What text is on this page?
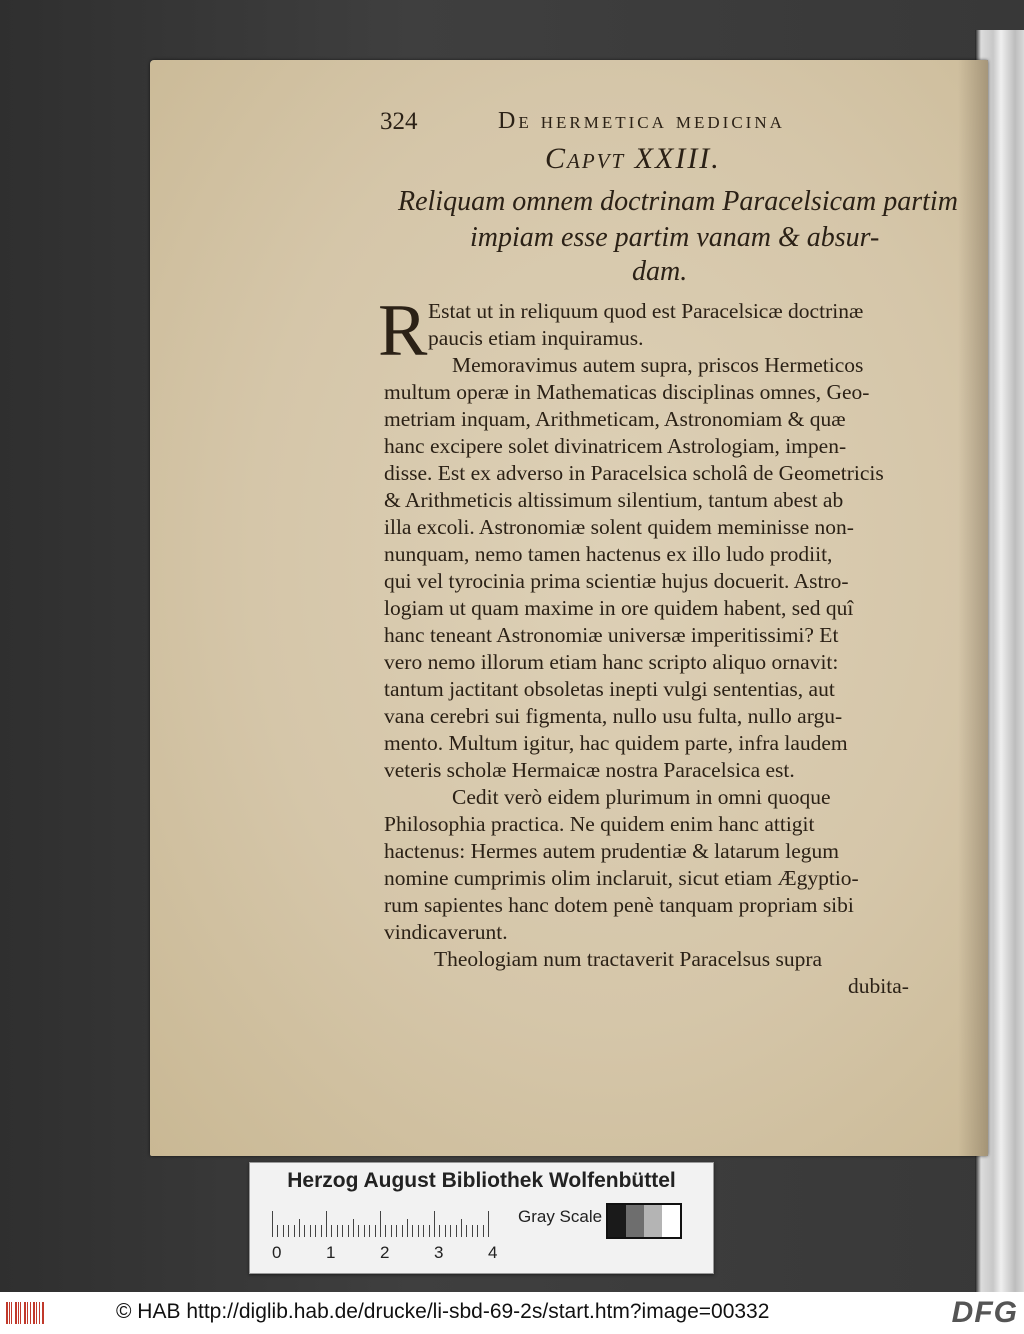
324	De hermetica medicina
Capvt XXIII.
Reliquam omnem doctrinam Paracelsicam partim
impiam esse partim vanam & absur-
dam.
R Estat ut in reliquum quod est Paracelsicæ doctrinæ
paucis etiam inquiramus.
Memoravimus autem supra, priscos Hermeticos
multum operæ in Mathematicas disciplinas omnes, Geo-
metriam inquam, Arithmeticam, Astronomiam & quæ
hanc excipere solet divinatricem Astrologiam, impen-
disse. Est ex adverso in Paracelsica scholâ de Geometricis
& Arithmeticis altissimum silentium, tantum abest ab
illa excoli. Astronomiæ solent quidem meminisse non-
nunquam, nemo tamen hactenus ex illo ludo prodiit,
qui vel tyrocinia prima scientiæ hujus docuerit. Astro-
logiam ut quam maxime in ore quidem habent, sed quî
hanc teneant Astronomiæ universæ imperitissimi? Et
vero nemo illorum etiam hanc scripto aliquo ornavit:
tantum jactitant obsoletas inepti vulgi sententias, aut
vana cerebri sui figmenta, nullo usu fulta, nullo argu-
mento. Multum igitur, hac quidem parte, infra laudem
veteris scholæ Hermaicæ nostra Paracelsica est.
Cedit verò eidem plurimum in omni quoque
Philosophia practica. Ne quidem enim hanc attigit
hactenus: Hermes autem prudentiæ & latarum legum
nomine cumprimis olim inclaruit, sicut etiam Ægyptio-
rum sapientes hanc dotem penè tanquam propriam sibi
vindicaverunt.
Theologiam num tractaverit Paracelsus supra
dubita-
Herzog August Bibliothek Wolfenbüttel
0	1	2	3	4
Gray Scale
© HAB http://diglib.hab.de/drucke/li-sbd-69-2s/start.htm?image=00332	DFG
